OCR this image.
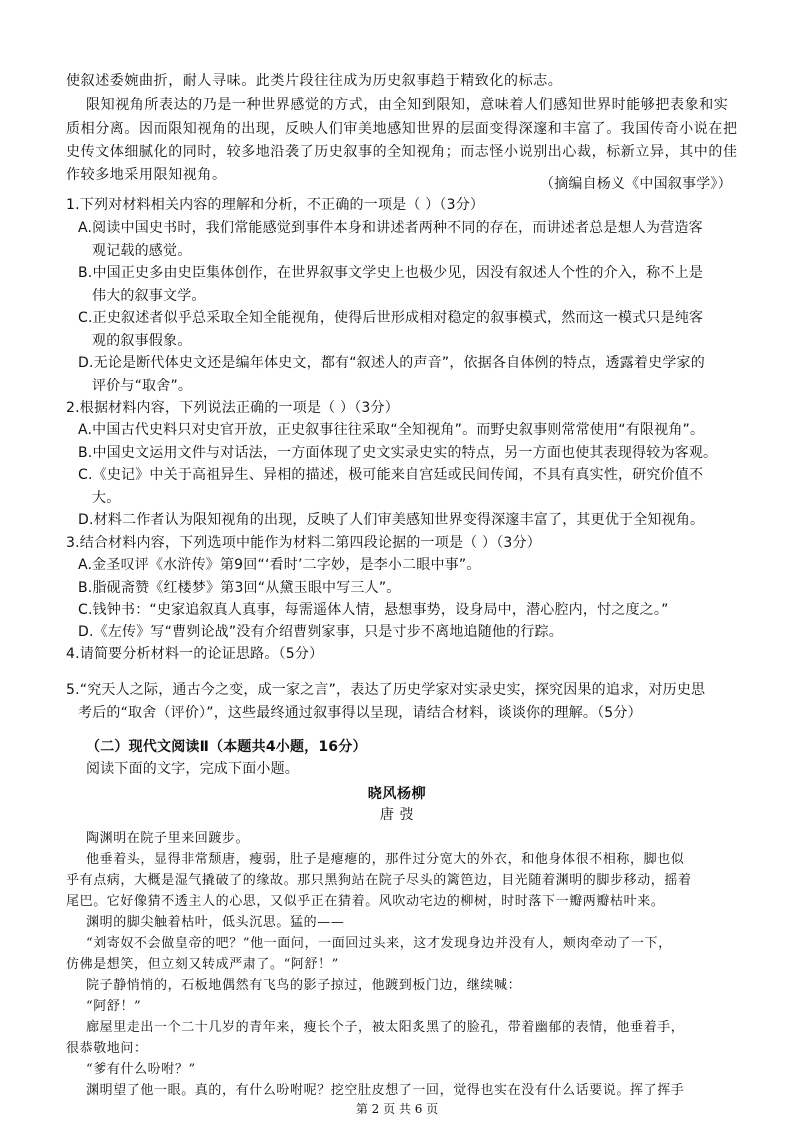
使叙述委婉曲折，耐人寻味。此类片段往往成为历史叙事趋于精致化的标志。
限知视角所表达的乃是一种世界感觉的方式，由全知到限知，意味着人们感知世界时能够把表象和实
质相分离。因而限知视角的出现，反映人们审美地感知世界的层面变得深邃和丰富了。我国传奇小说在把
史传文体细腻化的同时，较多地沿袭了历史叙事的全知视角；而志怪小说别出心裁，标新立异，其中的佳
作较多地采用限知视角。
（摘编自杨义《中国叙事学》）
1.下列对材料相关内容的理解和分析，不正确的一项是（ ）（3分）
A.阅读中国史书时，我们常能感觉到事件本身和讲述者两种不同的存在，而讲述者总是想人为营造客
观记载的感觉。
B.中国正史多由史臣集体创作，在世界叙事文学史上也极少见，因没有叙述人个性的介入，称不上是
伟大的叙事文学。
C.正史叙述者似乎总采取全知全能视角，使得后世形成相对稳定的叙事模式，然而这一模式只是纯客
观的叙事假象。
D.无论是断代体史文还是编年体史文，都有“叙述人的声音”，依据各自体例的特点，透露着史学家的
评价与“取舍”。
2.根据材料内容，下列说法正确的一项是（ ）（3分）
A.中国古代史料只对史官开放，正史叙事往往采取“全知视角”。而野史叙事则常常使用“有限视角”。
B.中国史文运用文件与对话法，一方面体现了史文实录史实的特点，另一方面也使其表现得较为客观。
C.《史记》中关于高祖异生、异相的描述，极可能来自宫廷或民间传闻，不具有真实性，研究价值不
大。
D.材料二作者认为限知视角的出现，反映了人们审美感知世界变得深邃丰富了，其更优于全知视角。
3.结合材料内容，下列选项中能作为材料二第四段论据的一项是（ ）（3分）
A.金圣叹评《水浒传》第9回“‘看时’二字妙，是李小二眼中事”。
B.脂砚斋赞《红楼梦》第3回“从黛玉眼中写三人”。
C.钱钟书：“史家追叙真人真事，每需遥体人情，悬想事势，设身局中，潜心腔内，忖之度之。”
D.《左传》写“曹刿论战”没有介绍曹刿家事，只是寸步不离地追随他的行踪。
4.请简要分析材料一的论证思路。（5分）
5.“究天人之际，通古今之变，成一家之言”，表达了历史学家对实录史实，探究因果的追求，对历史思
考后的“取舍（评价）”，这些最终通过叙事得以呈现，请结合材料，谈谈你的理解。（5分）
（二）现代文阅读Ⅱ（本题共4小题，16分）
阅读下面的文字，完成下面小题。
晓风杨柳
唐 弢
陶渊明在院子里来回踱步。
他垂着头，显得非常颓唐，瘦弱，肚子是瘪瘪的，那件过分宽大的外衣，和他身体很不相称，脚也似
乎有点病，大概是湿气撬破了的缘故。那只黑狗站在院子尽头的篱笆边，目光随着渊明的脚步移动，摇着
尾巴。它好像猜不透主人的心思，又似乎正在猜着。风吹动宅边的柳树，时时落下一瓣两瓣枯叶来。
渊明的脚尖触着枯叶，低头沉思。猛的——
“刘寄奴不会做皇帝的吧？”他一面问，一面回过头来，这才发现身边并没有人，颊肉牵动了一下，
仿佛是想笑，但立刻又转成严肃了。“阿舒！”
院子静悄悄的，石板地偶然有飞鸟的影子掠过，他踱到板门边，继续喊：
“阿舒！”
廊屋里走出一个二十几岁的青年来，瘦长个子，被太阳炙黑了的脸孔，带着幽郁的表情，他垂着手，
很恭敬地问：
“爹有什么吩咐？”
渊明望了他一眼。真的，有什么吩咐呢？挖空肚皮想了一回，觉得也实在没有什么话要说。挥了挥手
第 2 页 共 6 页
